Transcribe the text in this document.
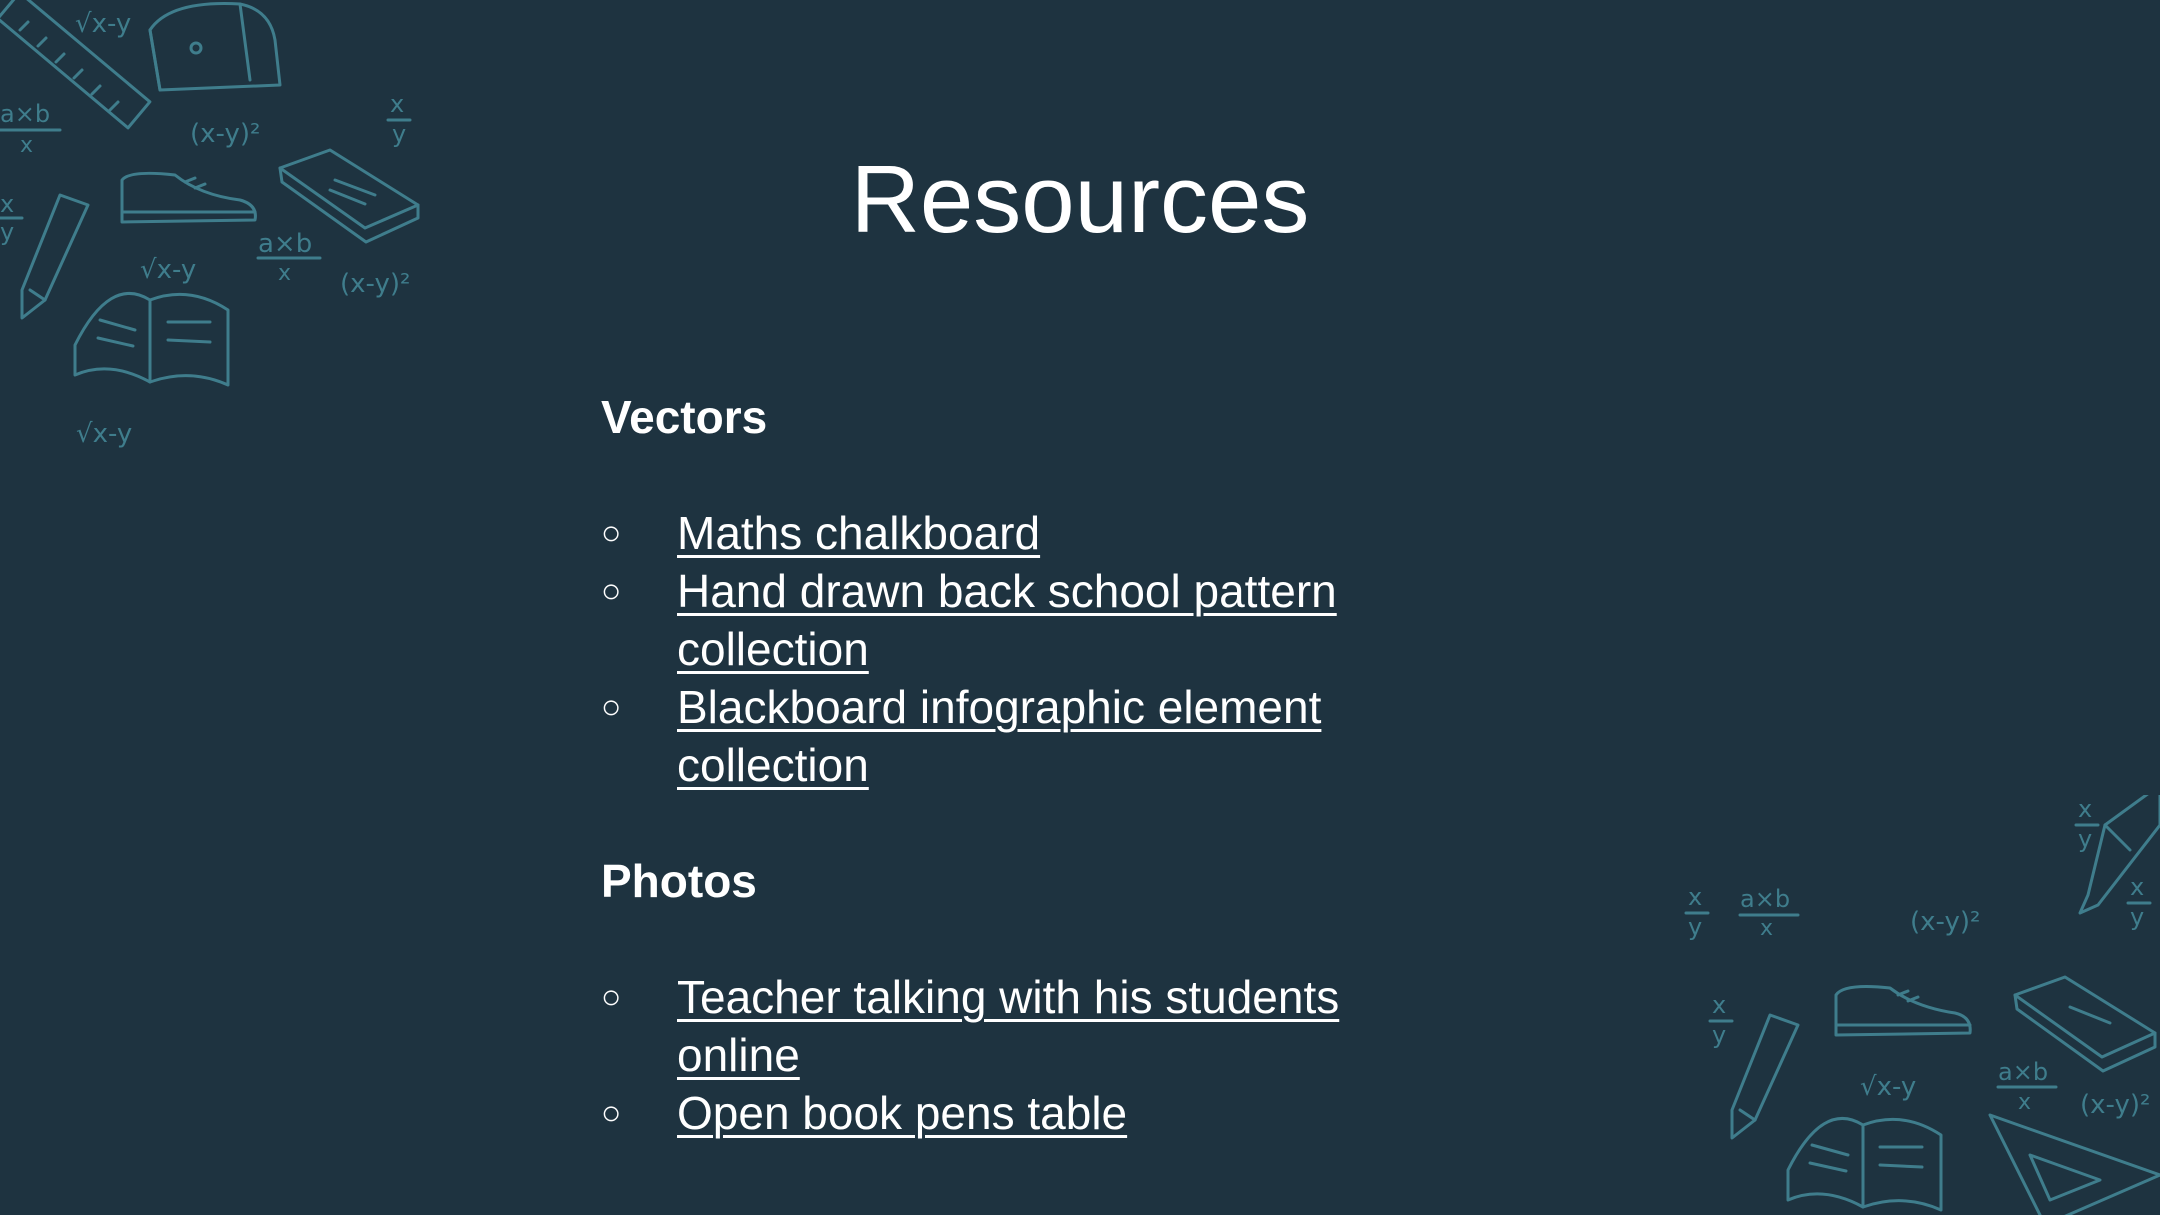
√x-y
a×b
x	(x-y)²
x
y
x
y
√x-y
a×b
x (x-y)²
√x-y
x
y
x
y
a×b
x	(x-y)²
x
y
x
y
√x-y	a×b
x (x-y)²
Resources
Vectors
○ Maths chalkboard
○ Hand drawn back school pattern collection
○ Blackboard infographic element collection
Photos
○ Teacher talking with his students online
○ Open book pens table
